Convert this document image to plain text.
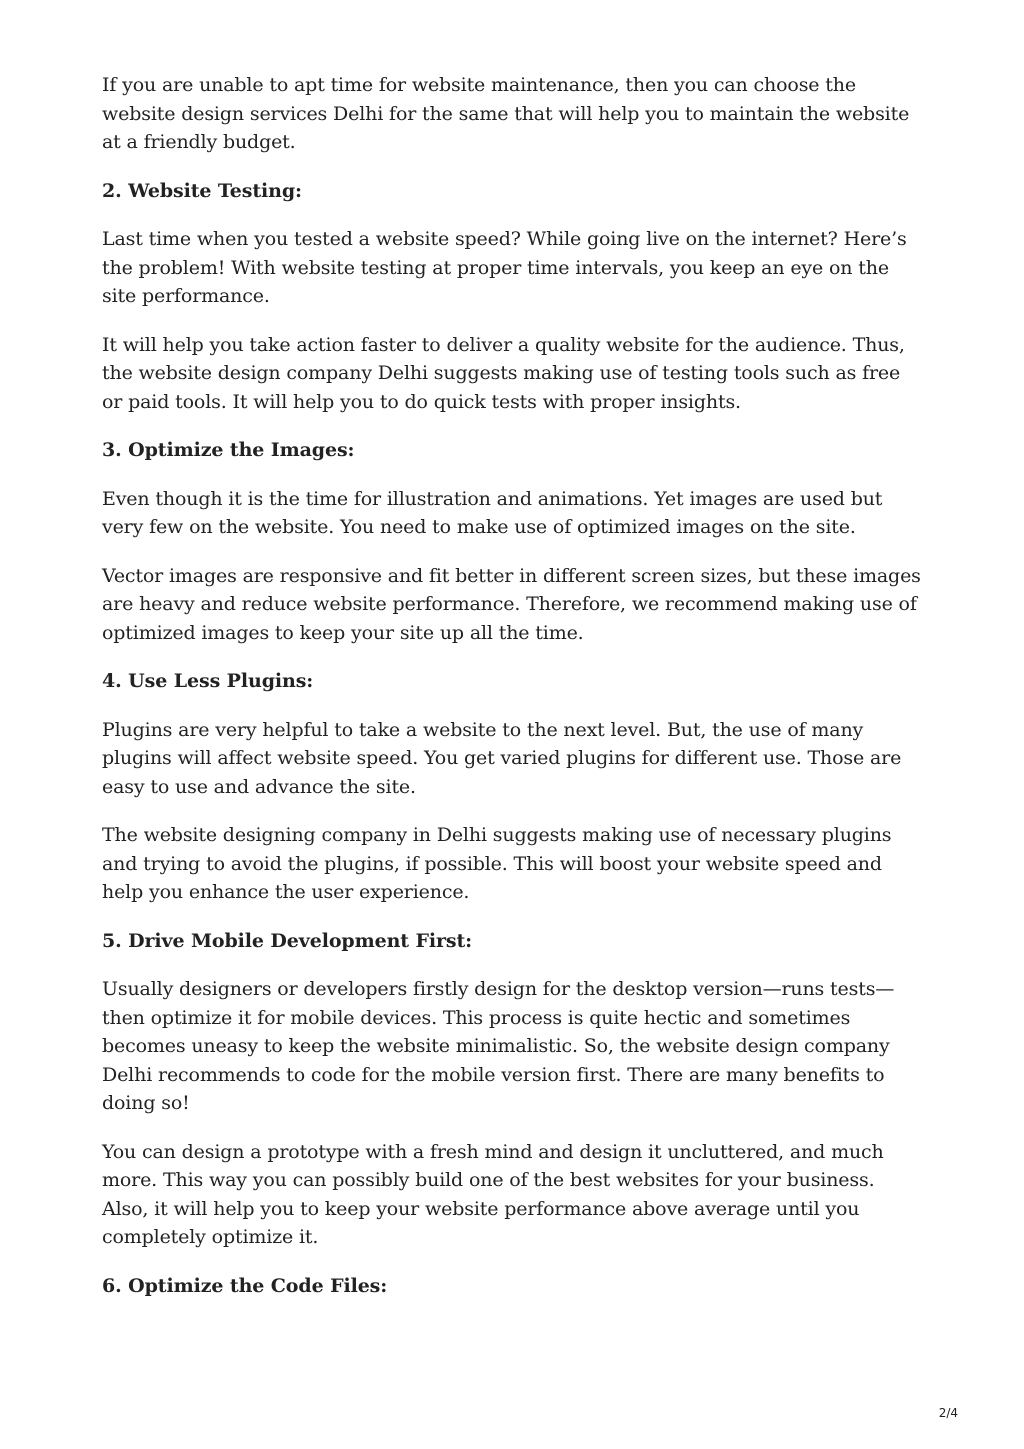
If you are unable to apt time for website maintenance, then you can choose the website design services Delhi for the same that will help you to maintain the website at a friendly budget.

2. Website Testing:

Last time when you tested a website speed? While going live on the internet? Here’s the problem! With website testing at proper time intervals, you keep an eye on the site performance.

It will help you take action faster to deliver a quality website for the audience. Thus, the website design company Delhi suggests making use of testing tools such as free or paid tools. It will help you to do quick tests with proper insights.

3. Optimize the Images:

Even though it is the time for illustration and animations. Yet images are used but very few on the website. You need to make use of optimized images on the site.

Vector images are responsive and fit better in different screen sizes, but these images are heavy and reduce website performance. Therefore, we recommend making use of optimized images to keep your site up all the time.

4. Use Less Plugins:

Plugins are very helpful to take a website to the next level. But, the use of many plugins will affect website speed. You get varied plugins for different use. Those are easy to use and advance the site.

The website designing company in Delhi suggests making use of necessary plugins and trying to avoid the plugins, if possible. This will boost your website speed and help you enhance the user experience.

5. Drive Mobile Development First:

Usually designers or developers firstly design for the desktop version—runs tests—then optimize it for mobile devices. This process is quite hectic and sometimes becomes uneasy to keep the website minimalistic. So, the website design company Delhi recommends to code for the mobile version first. There are many benefits to doing so!

You can design a prototype with a fresh mind and design it uncluttered, and much more. This way you can possibly build one of the best websites for your business. Also, it will help you to keep your website performance above average until you completely optimize it.

6. Optimize the Code Files:

2/4
